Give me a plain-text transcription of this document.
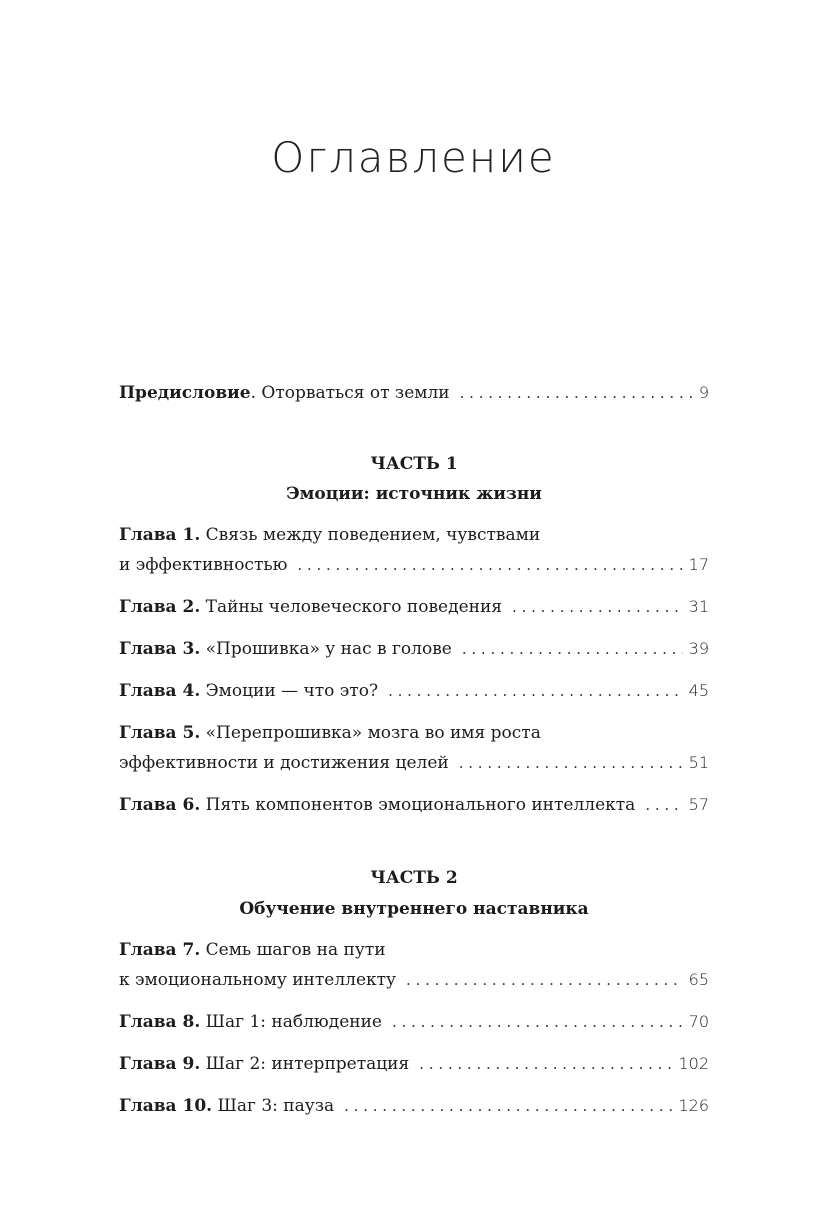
Оглавление
Предисловие. Оторваться от земли . . .	9
ЧАСТЬ 1
Эмоции: источник жизни
Глава 1. Связь между поведением, чувствами
и эффективностью . . .	17
Глава 2. Тайны человеческого поведения . . .	31
Глава 3. «Прошивка» у нас в голове . . .	39
Глава 4. Эмоции — что это? . . .	45
Глава 5. «Перепрошивка» мозга во имя роста
эффективности и достижения целей . . .	51
Глава 6. Пять компонентов эмоционального интеллекта . . .	57
ЧАСТЬ 2
Обучение внутреннего наставника
Глава 7. Семь шагов на пути
к эмоциональному интеллекту . . .	65
Глава 8. Шаг 1: наблюдение . . .	70
Глава 9. Шаг 2: интерпретация . . .	102
Глава 10. Шаг 3: пауза . . .	126
